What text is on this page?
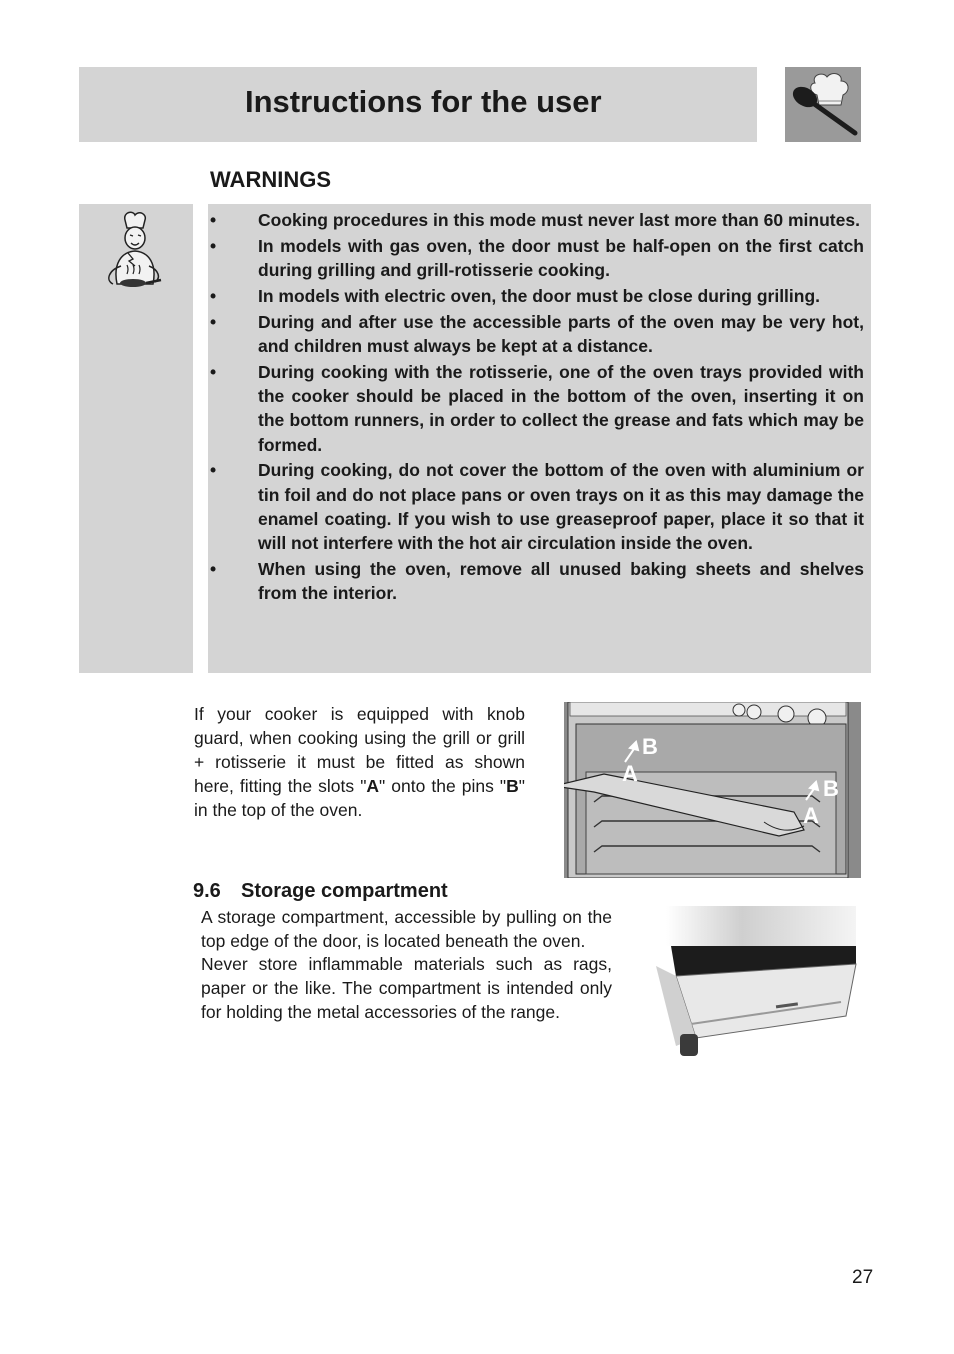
Instructions for the user
WARNINGS
• Cooking procedures in this mode must never last more than 60 minutes.
• In models with gas oven, the door must be half-open on the first catch during grilling and grill-rotisserie cooking.
• In models with electric oven, the door must be close during grilling.
• During and after use the accessible parts of the oven may be very hot, and children must always be kept at a distance.
• During cooking with the rotisserie, one of the oven trays provided with the cooker should be placed in the bottom of the oven, inserting it on the bottom runners, in order to collect the grease and fats which may be formed.
• During cooking, do not cover the bottom of the oven with aluminium or tin foil and do not place pans or oven trays on it as this may damage the enamel coating. If you wish to use greaseproof paper, place it so that it will not interfere with the hot air circulation inside the oven.
• When using the oven, remove all unused baking sheets and shelves from the interior.
If your cooker is equipped with knob guard, when cooking using the grill or grill + rotisserie it must be fitted as shown here, fitting the slots "A" onto the pins "B" in the top of the oven.
B
A
B
A
9.6 Storage compartment
A storage compartment, accessible by pulling on the top edge of the door, is located beneath the oven.
Never store inflammable materials such as rags, paper or the like. The compartment is intended only for holding the metal accessories of the range.
27
